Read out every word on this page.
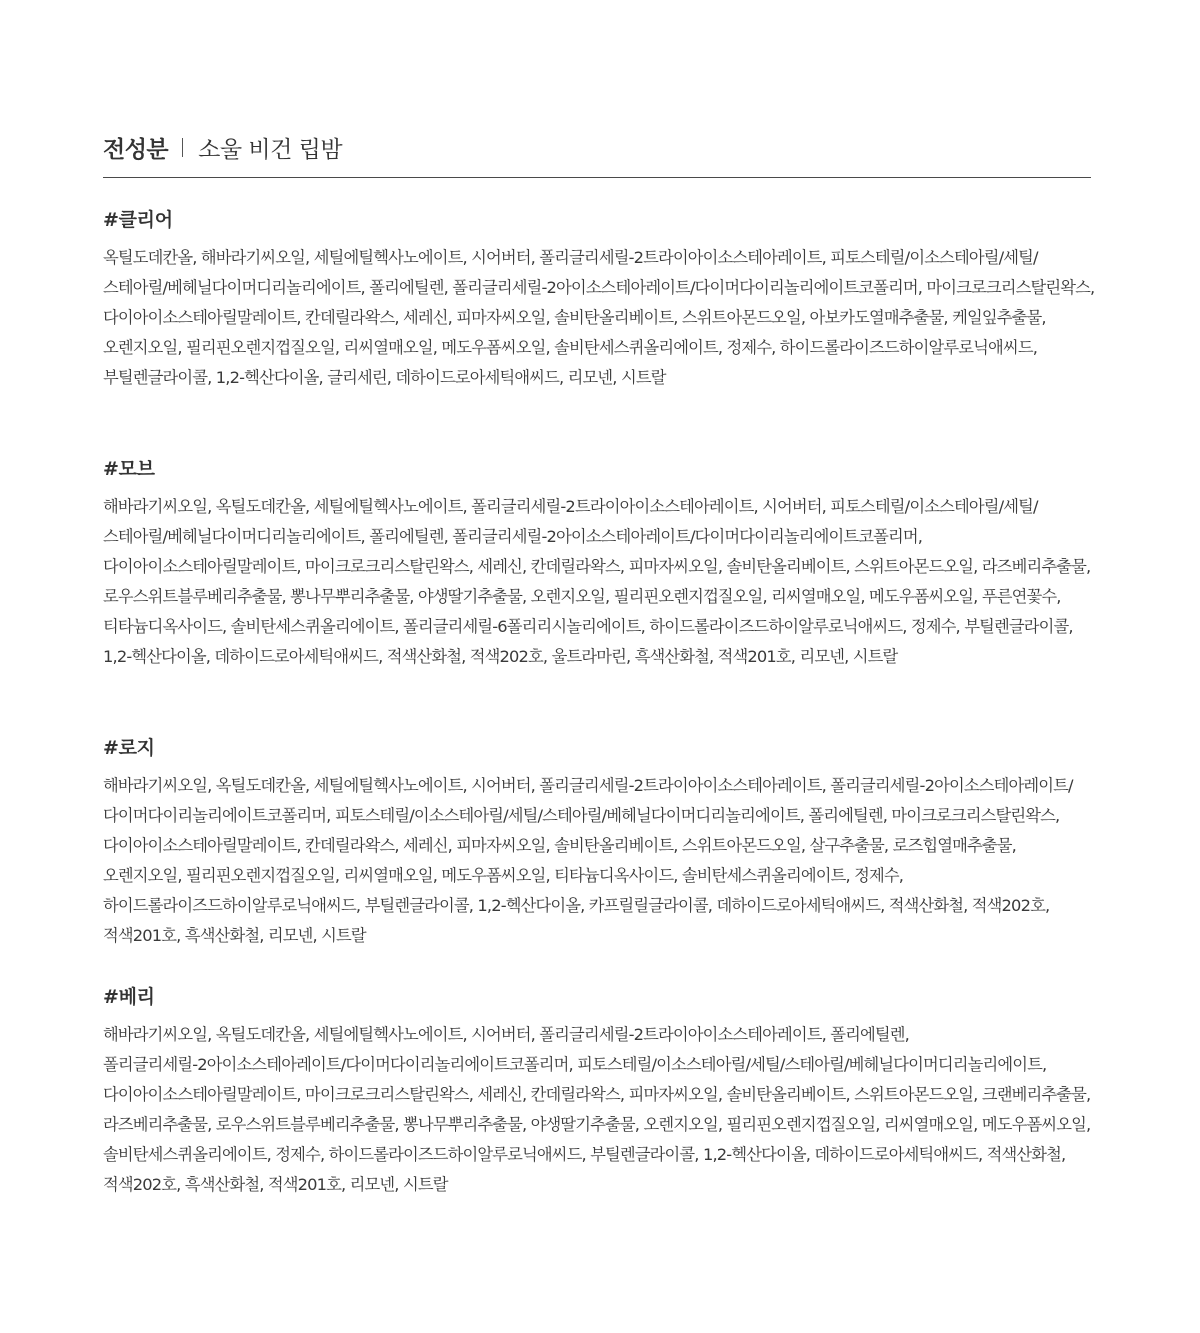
전성분 소울 비건 립밤
#클리어

옥틸도데칸올, 해바라기씨오일, 세틸에틸헥사노에이트, 시어버터, 폴리글리세릴-2트라이아이소스테아레이트, 피토스테릴/이소스테아릴/세틸/스테아릴/베헤닐다이머디리놀리에이트, 폴리에틸렌, 폴리글리세릴-2아이소스테아레이트/다이머다이리놀리에이트코폴리머, 마이크로크리스탈린왁스, 다이아이소스테아릴말레이트, 칸데릴라왁스, 세레신, 피마자씨오일, 솔비탄올리베이트, 스위트아몬드오일, 아보카도열매추출물, 케일잎추출물, 오렌지오일, 필리핀오렌지껍질오일, 리씨열매오일, 메도우폼씨오일, 솔비탄세스퀴올리에이트, 정제수, 하이드롤라이즈드하이알루로닉애씨드, 부틸렌글라이콜, 1,2-헥산다이올, 글리세린, 데하이드로아세틱애씨드, 리모넨, 시트랄

#모브

해바라기씨오일, 옥틸도데칸올, 세틸에틸헥사노에이트, 폴리글리세릴-2트라이아이소스테아레이트, 시어버터, 피토스테릴/이소스테아릴/세틸/스테아릴/베헤닐다이머디리놀리에이트, 폴리에틸렌, 폴리글리세릴-2아이소스테아레이트/다이머다이리놀리에이트코폴리머, 다이아이소스테아릴말레이트, 마이크로크리스탈린왁스, 세레신, 칸데릴라왁스, 피마자씨오일, 솔비탄올리베이트, 스위트아몬드오일, 라즈베리추출물, 로우스위트블루베리추출물, 뽕나무뿌리추출물, 야생딸기추출물, 오렌지오일, 필리핀오렌지껍질오일, 리씨열매오일, 메도우폼씨오일, 푸른연꽃수, 티타늄디옥사이드, 솔비탄세스퀴올리에이트, 폴리글리세릴-6폴리리시놀리에이트, 하이드롤라이즈드하이알루로닉애씨드, 정제수, 부틸렌글라이콜, 1,2-헥산다이올, 데하이드로아세틱애씨드, 적색산화철, 적색202호, 울트라마린, 흑색산화철, 적색201호, 리모넨, 시트랄

#로지

해바라기씨오일, 옥틸도데칸올, 세틸에틸헥사노에이트, 시어버터, 폴리글리세릴-2트라이아이소스테아레이트, 폴리글리세릴-2아이소스테아레이트/다이머다이리놀리에이트코폴리머, 피토스테릴/이소스테아릴/세틸/스테아릴/베헤닐다이머디리놀리에이트, 폴리에틸렌, 마이크로크리스탈린왁스, 다이아이소스테아릴말레이트, 칸데릴라왁스, 세레신, 피마자씨오일, 솔비탄올리베이트, 스위트아몬드오일, 살구추출물, 로즈힙열매추출물, 오렌지오일, 필리핀오렌지껍질오일, 리씨열매오일, 메도우폼씨오일, 티타늄디옥사이드, 솔비탄세스퀴올리에이트, 정제수, 하이드롤라이즈드하이알루로닉애씨드, 부틸렌글라이콜, 1,2-헥산다이올, 카프릴릴글라이콜, 데하이드로아세틱애씨드, 적색산화철, 적색202호, 적색201호, 흑색산화철, 리모넨, 시트랄

#베리

해바라기씨오일, 옥틸도데칸올, 세틸에틸헥사노에이트, 시어버터, 폴리글리세릴-2트라이아이소스테아레이트, 폴리에틸렌, 폴리글리세릴-2아이소스테아레이트/다이머다이리놀리에이트코폴리머, 피토스테릴/이소스테아릴/세틸/스테아릴/베헤닐다이머디리놀리에이트, 다이아이소스테아릴말레이트, 마이크로크리스탈린왁스, 세레신, 칸데릴라왁스, 피마자씨오일, 솔비탄올리베이트, 스위트아몬드오일, 크랜베리추출물, 라즈베리추출물, 로우스위트블루베리추출물, 뽕나무뿌리추출물, 야생딸기추출물, 오렌지오일, 필리핀오렌지껍질오일, 리씨열매오일, 메도우폼씨오일, 솔비탄세스퀴올리에이트, 정제수, 하이드롤라이즈드하이알루로닉애씨드, 부틸렌글라이콜, 1,2-헥산다이올, 데하이드로아세틱애씨드, 적색산화철, 적색202호, 흑색산화철, 적색201호, 리모넨, 시트랄
